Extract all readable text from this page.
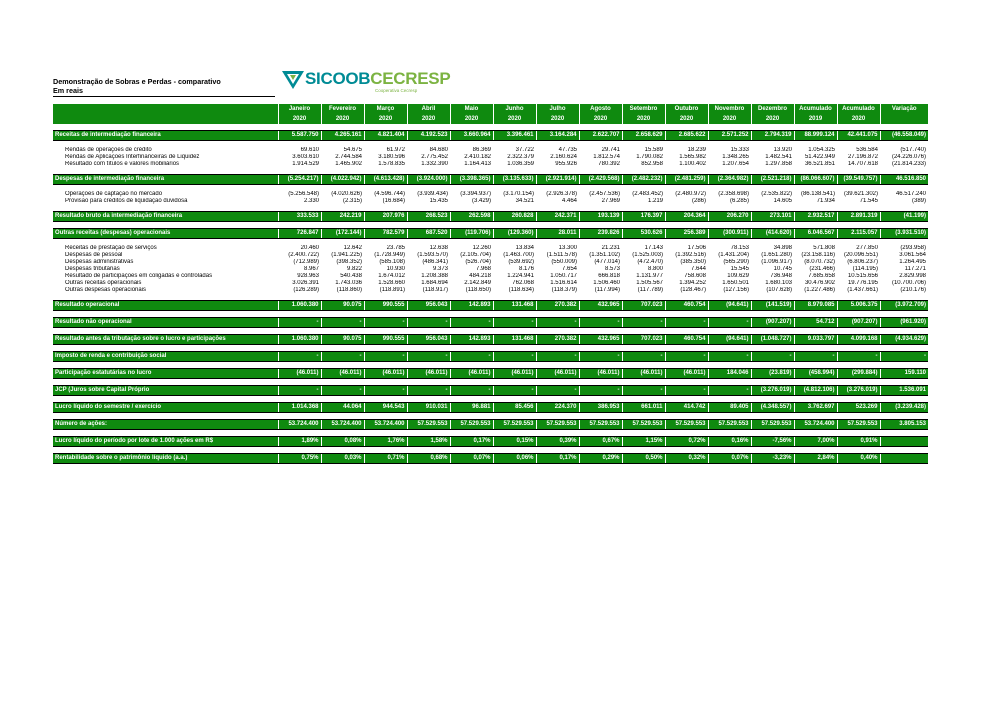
Demonstração de Sobras e Perdas - comparativo
Em reais
SICOOBCECRESP
Cooperativa Cecresp
	Janeiro	Fevereiro	Março	Abril	Maio	Junho	Julho	Agosto	Setembro	Outubro	Novembro	Dezembro	Acumulado	Acumulado	Variação
	2020	2020	2020	2020	2020	2020	2020	2020	2020	2020	2020	2020	2019	2020	

Receitas de intermediação financeira	5.587.750	4.265.161	4.821.404	4.192.523	3.660.964	3.396.461	3.164.284	2.622.707	2.658.629	2.685.622	2.571.252	2.794.319	88.999.124	42.441.075	(46.558.049)

Rendas de operações de crédito	69.610	54.675	61.972	84.680	86.369	37.722	47.735	29.741	15.589	18.239	15.333	13.920	1.054.325	536.584	(517.740)
Rendas de Aplicações Interfinanceiras de Liquidez	3.603.610	2.744.584	3.180.596	2.775.452	2.410.182	2.322.379	2.160.624	1.812.574	1.790.082	1.565.982	1.348.265	1.482.541	51.422.949	27.196.872	(24.226.076)
Resultado com títulos e valores mobiliários	1.914.529	1.465.902	1.578.835	1.332.390	1.164.413	1.036.359	955.926	780.392	852.958	1.100.402	1.207.654	1.297.858	36.521.851	14.707.618	(21.814.233)

Despesas de intermediação financeira	(5.254.217)	(4.022.942)	(4.613.428)	(3.924.000)	(3.398.365)	(3.135.633)	(2.921.914)	(2.429.568)	(2.482.232)	(2.481.259)	(2.364.982)	(2.521.218)	(86.066.607)	(39.549.757)	46.516.850

Operações de captação no mercado	(5.256.548)	(4.020.626)	(4.596.744)	(3.939.434)	(3.394.937)	(3.170.154)	(2.926.378)	(2.457.536)	(2.483.452)	(2.480.972)	(2.358.698)	(2.535.822)	(86.138.541)	(39.621.302)	46.517.240
Provisão para créditos de liquidação duvidosa	2.330	(2.315)	(16.684)	15.435	(3.429)	34.521	4.464	27.969	1.219	(286)	(6.285)	14.605	71.934	71.545	(389)

Resultado bruto da intermediação financeira	333.533	242.219	207.976	268.523	262.598	260.828	242.371	193.139	176.397	204.364	206.270	273.101	2.932.517	2.891.319	(41.199)

Outras receitas (despesas) operacionais	726.847	(172.144)	782.579	687.520	(119.706)	(129.360)	28.011	239.826	530.626	256.389	(300.911)	(414.620)	6.046.567	2.115.057	(3.931.510)

Receitas de prestação de serviços	20.460	12.642	23.785	12.638	12.260	13.834	13.300	21.231	17.143	17.506	78.153	34.898	571.808	277.850	(293.958)
Despesas de pessoal	(2.400.722)	(1.941.225)	(1.728.949)	(1.593.570)	(2.105.704)	(1.463.700)	(1.511.578)	(1.351.102)	(1.525.003)	(1.392.516)	(1.431.204)	(1.651.280)	(23.158.116)	(20.096.551)	3.061.564
Despesas administrativas	(712.989)	(398.352)	(585.108)	(486.341)	(526.704)	(539.692)	(550.009)	(477.014)	(472.470)	(385.350)	(565.290)	(1.096.917)	(8.070.732)	(6.806.237)	1.264.495
Despesas tributárias	8.967	9.822	10.930	9.373	7.968	8.176	7.654	8.573	8.800	7.644	15.545	10.745	(231.466)	(114.195)	117.271
Resultado de participações em coligadas e controladas	928.963	540.438	1.674.012	1.208.388	484.218	1.224.941	1.050.717	666.818	1.131.977	758.608	109.629	736.948	7.685.658	10.515.656	2.829.998
Outras receitas operacionais	3.026.391	1.743.036	1.528.660	1.684.694	2.142.849	762.068	1.516.614	1.506.460	1.505.567	1.394.252	1.650.501	1.680.103	30.476.902	19.776.195	(10.700.706)
Outras despesas operacionais	(126.289)	(118.860)	(118.891)	(118.917)	(118.650)	(118.634)	(118.379)	(117.994)	(117.789)	(128.467)	(127.156)	(107.628)	(1.227.486)	(1.437.661)	(210.176)

Resultado operacional	1.060.380	90.075	990.555	956.043	142.893	131.468	270.382	432.965	707.023	460.754	(94.641)	(141.519)	8.979.085	5.006.375	(3.972.709)

Resultado não operacional	-	-	-	-	-	-	-	-	-	-	-	(907.207)	54.712	(907.207)	(961.920)

Resultado antes da tributação sobre o lucro e participações	1.060.380	90.075	990.555	956.043	142.893	131.468	270.382	432.965	707.023	460.754	(94.641)	(1.048.727)	9.033.797	4.099.168	(4.934.629)

Imposto de renda e contribuição social	-	-	-	-	-	-	-	-	-	-	-	-	-	-	-

Participação estatutárias no lucro	(46.011)	(46.011)	(46.011)	(46.011)	(46.011)	(46.011)	(46.011)	(46.011)	(46.011)	(46.011)	184.046	(23.819)	(458.994)	(299.884)	159.110

JCP (Juros sobre Capital Próprio	-	-	-	-	-	-	-	-	-	-	-	(3.276.019)	(4.812.106)	(3.276.019)	1.536.091

Lucro líquido do semestre / exercício	1.014.368	44.064	944.543	910.031	96.881	85.456	224.370	386.953	661.011	414.742	89.405	(4.348.557)	3.762.697	523.269	(3.239.428)

Número de ações:	53.724.400	53.724.400	53.724.400	57.529.553	57.529.553	57.529.553	57.529.553	57.529.553	57.529.553	57.529.553	57.529.553	57.529.553	53.724.400	57.529.553	3.805.153

Lucro líquido do período por lote de 1.000 ações em R$	1,89%	0,08%	1,76%	1,58%	0,17%	0,15%	0,39%	0,67%	1,15%	0,72%	0,16%	-7,56%	7,00%	0,91%	

Rentabilidade sobre o patrimônio líquido (a.a.)	0,75%	0,03%	0,71%	0,68%	0,07%	0,06%	0,17%	0,29%	0,50%	0,32%	0,07%	-3,23%	2,84%	0,40%	
